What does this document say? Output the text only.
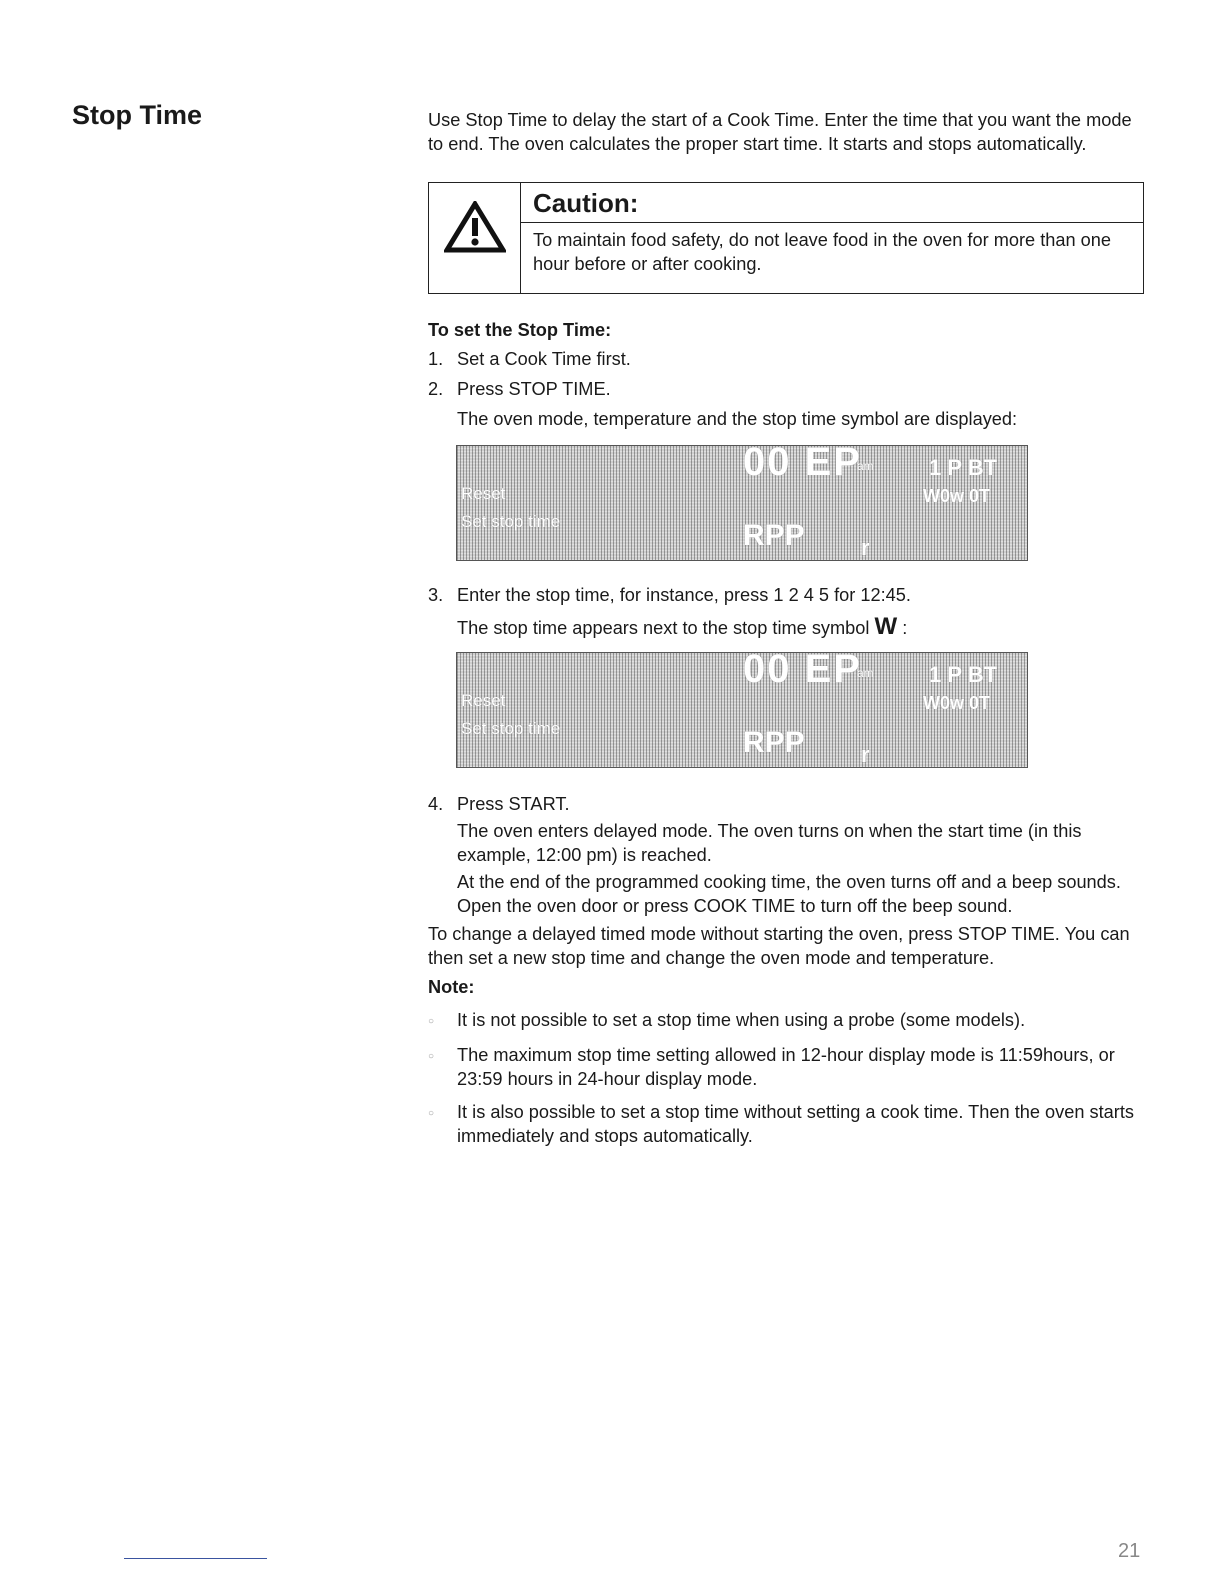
Stop Time	Use Stop Time to delay the start of a Cook Time. Enter the time that you want the mode to end. The oven calculates the proper start time. It starts and stops automatically.

Caution:
To maintain food safety, do not leave food in the oven for more than one hour before or after cooking.
To set the Stop Time:
1. Set a Cook Time first.
2. Press STOP TIME.
The oven mode, temperature and the stop time symbol are displayed:
00 EP
am	1 P BT
Reset	W0w 0T
Set stop time	RPP	r
3. Enter the stop time, for instance, press 1 2 4 5 for 12:45.
The stop time appears next to the stop time symbol W :
00 EP
am	1 P BT
Reset	W0w 0T
Set stop time	RPP	r
4. Press START.
The oven enters delayed mode. The oven turns on when the start time (in this example, 12:00 pm) is reached.
At the end of the programmed cooking time, the oven turns off and a beep sounds. Open the oven door or press COOK TIME to turn off the beep sound.
To change a delayed timed mode without starting the oven, press STOP TIME. You can then set a new stop time and change the oven mode and temperature.
Note:
○	It is not possible to set a stop time when using a probe (some models).
○	The maximum stop time setting allowed in 12-hour display mode is 11:59hours, or 23:59 hours in 24-hour display mode.
○	It is also possible to set a stop time without setting a cook time. Then the oven starts immediately and stops automatically.
21
